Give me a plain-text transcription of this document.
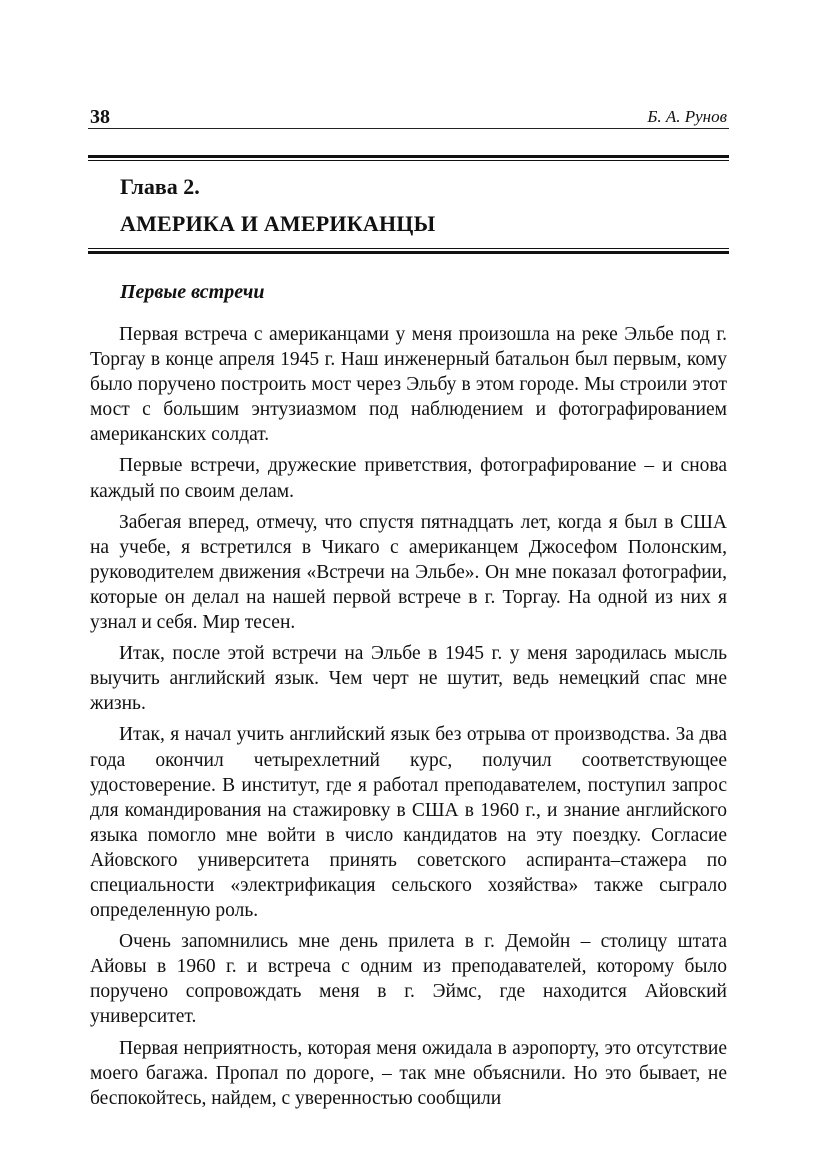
38	Б. А. Рунов
Глава 2.
АМЕРИКА И АМЕРИКАНЦЫ
Первые встречи

Первая встреча с американцами у меня произошла на реке Эльбе под г. Торгау в конце апреля 1945 г. Наш инженерный батальон был первым, кому было поручено построить мост через Эльбу в этом городе. Мы строили этот мост с большим энтузиазмом под наблюдением и фотографированием американских солдат.

Первые встречи, дружеские приветствия, фотографирование – и снова каждый по своим делам.

Забегая вперед, отмечу, что спустя пятнадцать лет, когда я был в США на учебе, я встретился в Чикаго с американцем Джосефом Полонским, руководителем движения «Встречи на Эльбе». Он мне показал фотографии, которые он делал на нашей первой встрече в г. Торгау. На одной из них я узнал и себя. Мир тесен.

Итак, после этой встречи на Эльбе в 1945 г. у меня зародилась мысль выучить английский язык. Чем черт не шутит, ведь немецкий спас мне жизнь.

Итак, я начал учить английский язык без отрыва от производства. За два года окончил четырехлетний курс, получил соответствующее удостоверение. В институт, где я работал преподавателем, поступил запрос для командирования на стажировку в США в 1960 г., и знание английского языка помогло мне войти в число кандидатов на эту поездку. Согласие Айовского университета принять советского аспиранта–стажера по специальности «электрификация сельского хозяйства» также сыграло определенную роль.

Очень запомнились мне день прилета в г. Демойн – столицу штата Айовы в 1960 г. и встреча с одним из преподавателей, которому было поручено сопровождать меня в г. Эймс, где находится Айовский университет.

Первая неприятность, которая меня ожидала в аэропорту, это отсутствие моего багажа. Пропал по дороге, – так мне объяснили. Но это бывает, не беспокойтесь, найдем, с уверенностью сообщили
